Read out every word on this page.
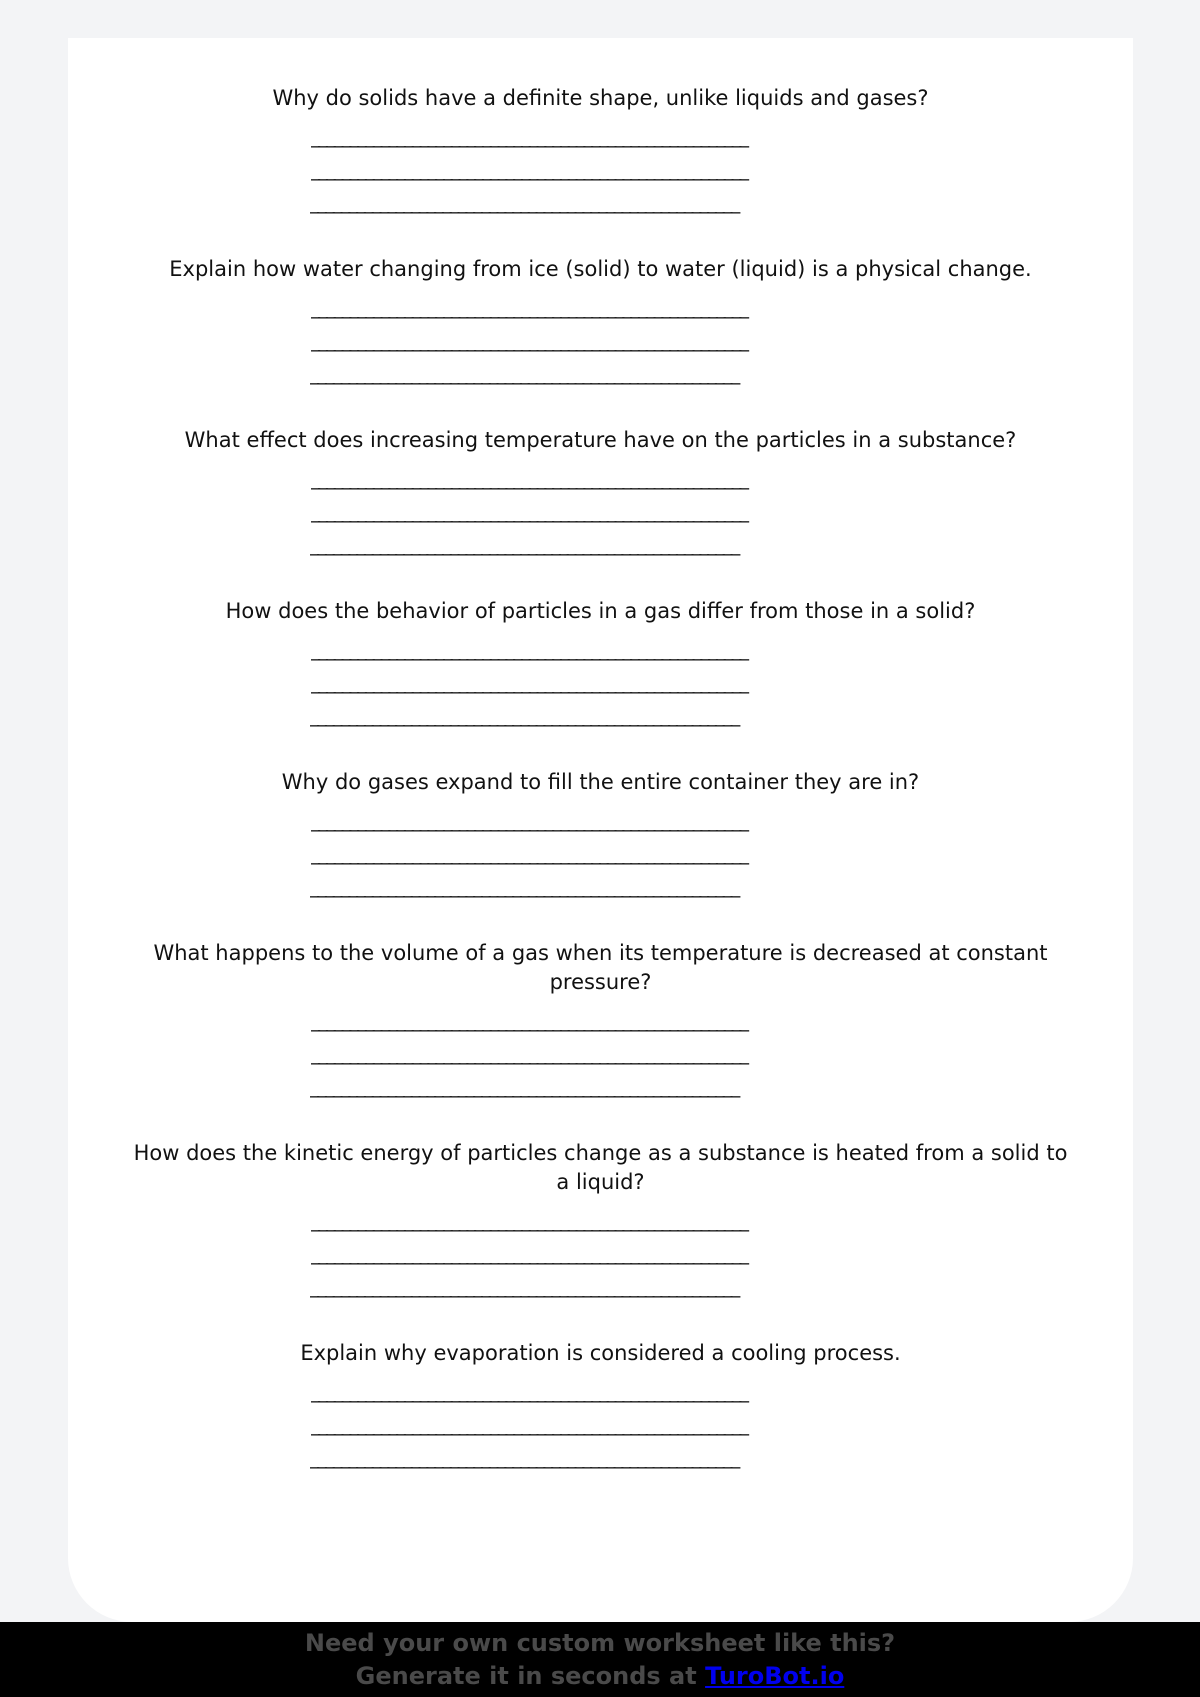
Why do solids have a definite shape, unlike liquids and gases?

________________________________________________________
________________________________________________________
_______________________________________________________

Explain how water changing from ice (solid) to water (liquid) is a physical change.

________________________________________________________
________________________________________________________
_______________________________________________________

What effect does increasing temperature have on the particles in a substance?

________________________________________________________
________________________________________________________
_______________________________________________________

How does the behavior of particles in a gas differ from those in a solid?

________________________________________________________
________________________________________________________
_______________________________________________________

Why do gases expand to fill the entire container they are in?

________________________________________________________
________________________________________________________
_______________________________________________________

What happens to the volume of a gas when its temperature is decreased at constant pressure?

________________________________________________________
________________________________________________________
_______________________________________________________

How does the kinetic energy of particles change as a substance is heated from a solid to a liquid?

________________________________________________________
________________________________________________________
_______________________________________________________

Explain why evaporation is considered a cooling process.

________________________________________________________
________________________________________________________
_______________________________________________________
Need your own custom worksheet like this?
Generate it in seconds at TuroBot.io
